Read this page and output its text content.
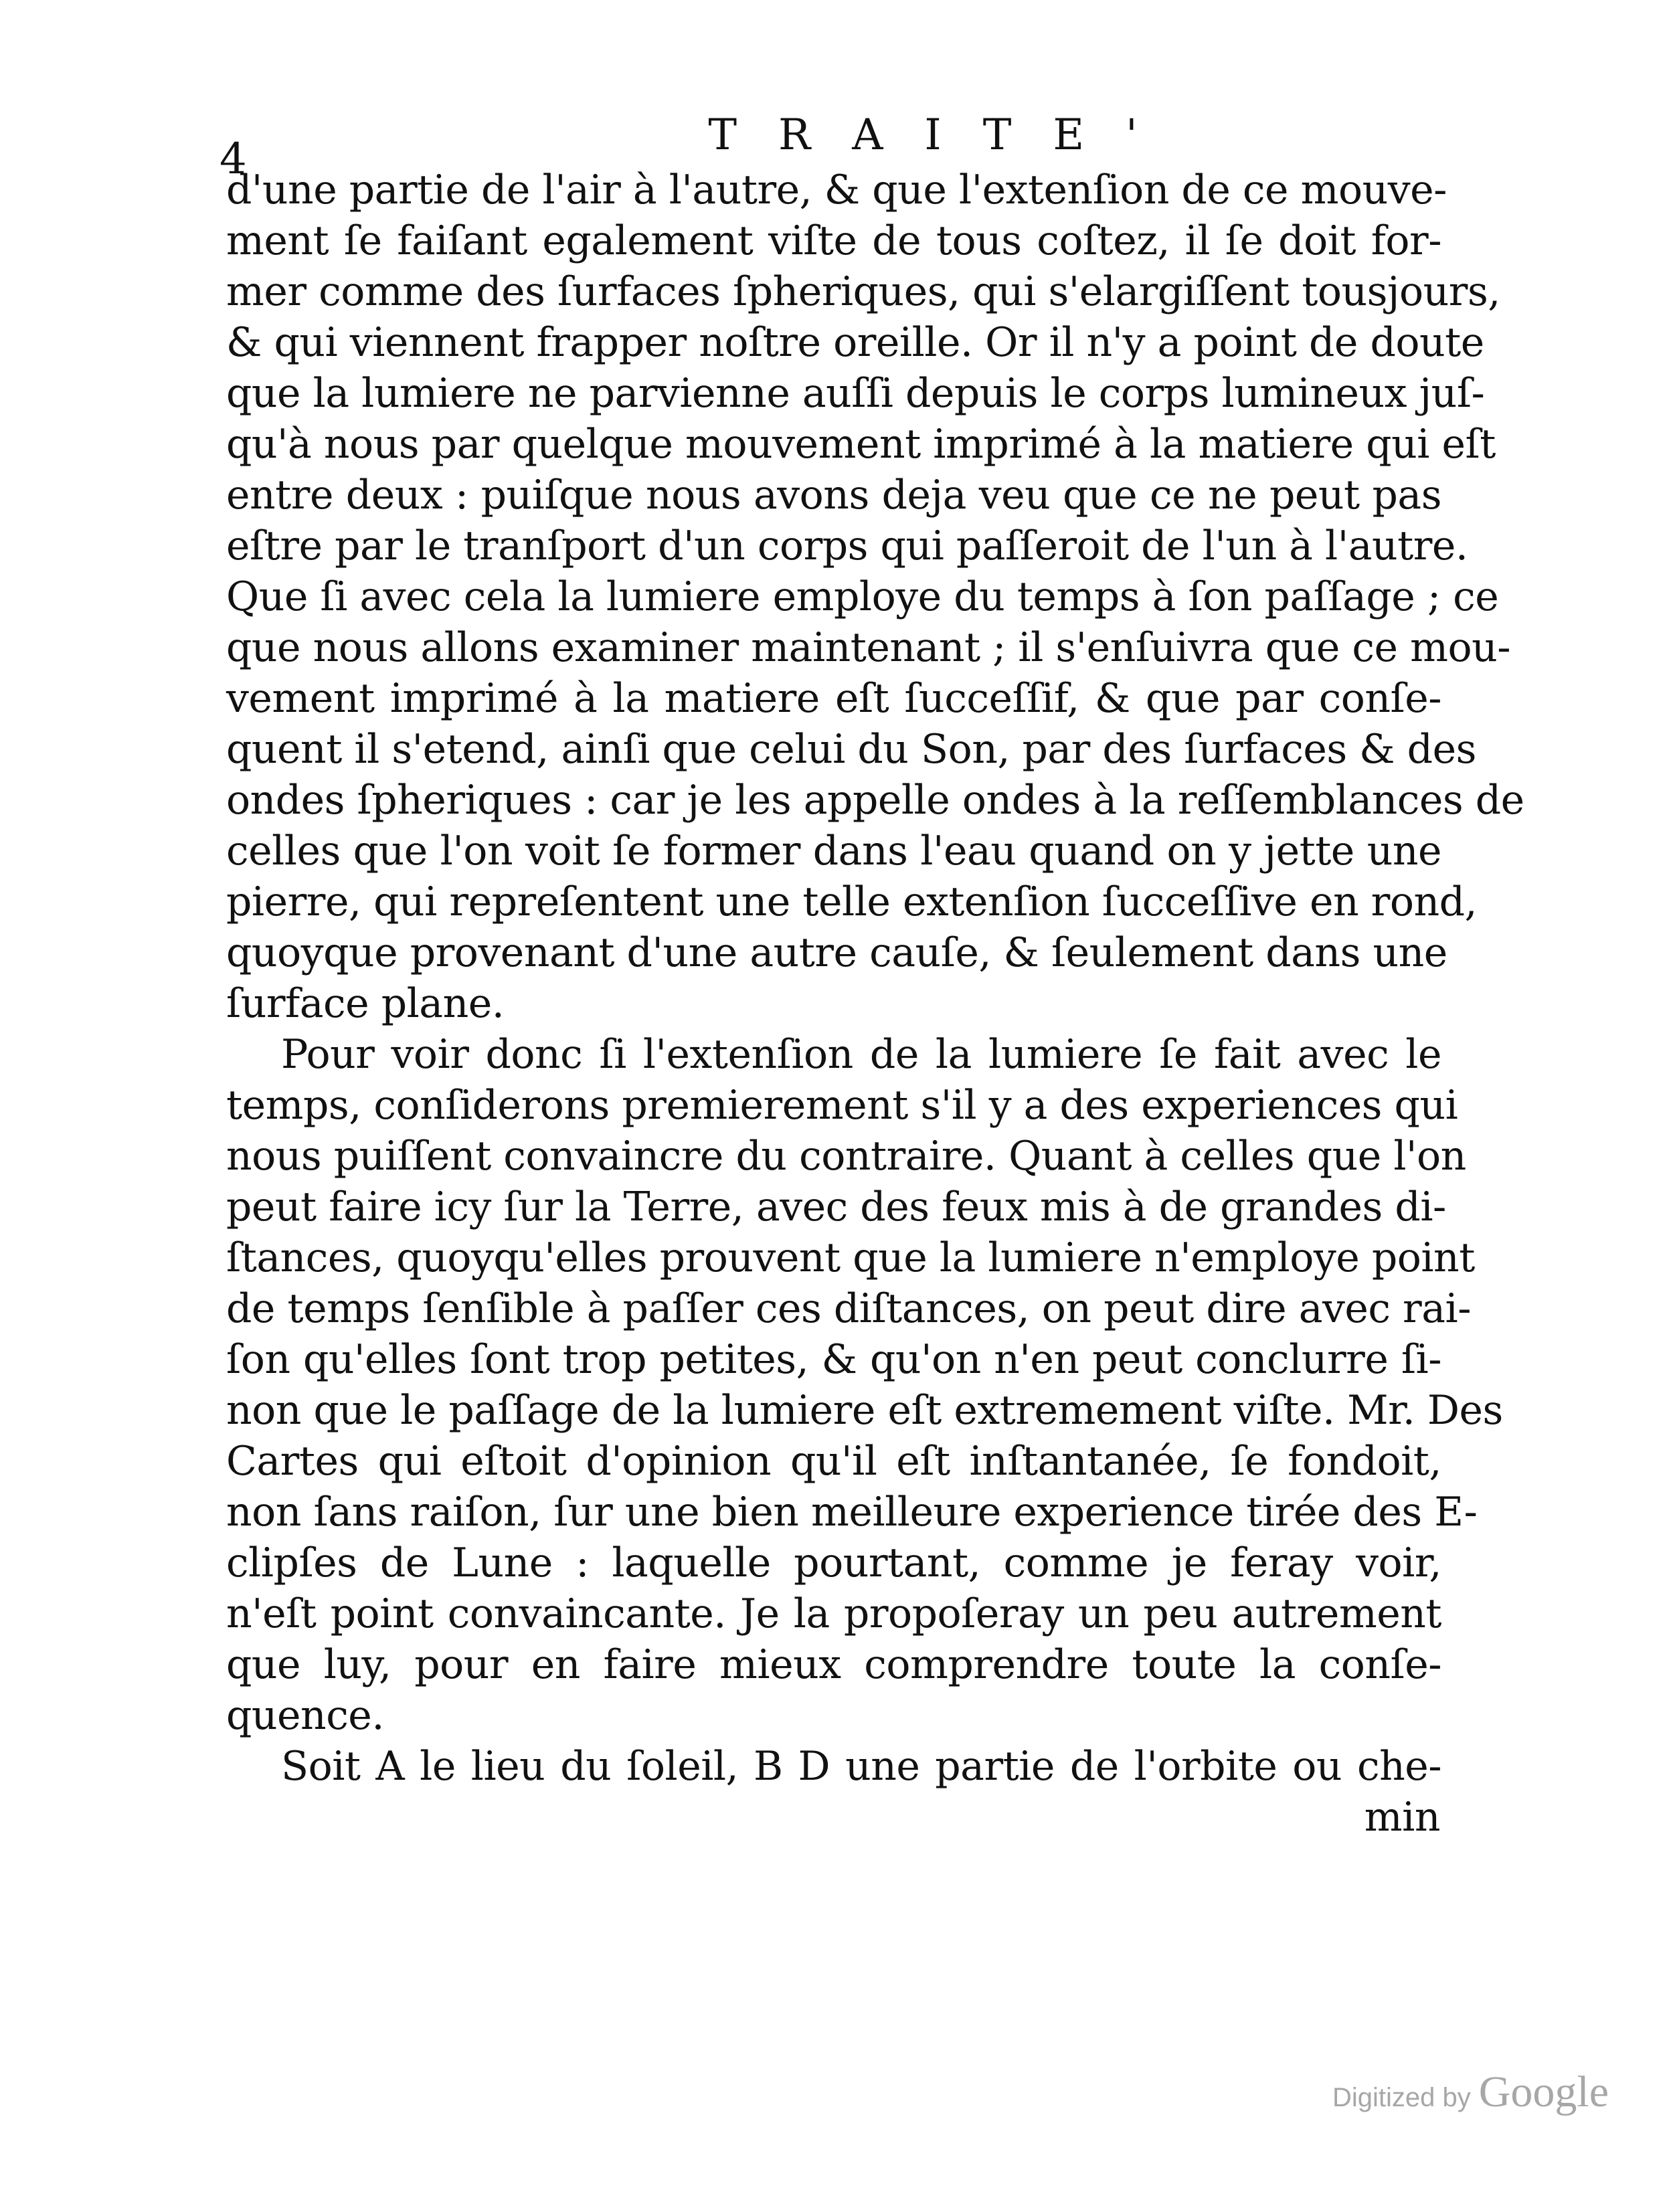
4	TRAITE'
d'une partie de l'air à l'autre, & que l'extenſion de ce mouve-
ment ſe faiſant egalement viſte de tous coſtez, il ſe doit for-
mer comme des ſurfaces ſpheriques, qui s'elargiſſent tousjours,
& qui viennent frapper noſtre oreille. Or il n'y a point de doute
que la lumiere ne parvienne auſſi depuis le corps lumineux juſ-
qu'à nous par quelque mouvement imprimé à la matiere qui eſt
entre deux : puiſque nous avons deja veu que ce ne peut pas
eſtre par le tranſport d'un corps qui paſſeroit de l'un à l'autre.
Que ſi avec cela la lumiere employe du temps à ſon paſſage ; ce
que nous allons examiner maintenant ; il s'enſuivra que ce mou-
vement imprimé à la matiere eſt ſucceſſif, & que par conſe-
quent il s'etend, ainſi que celui du Son, par des ſurfaces & des
ondes ſpheriques : car je les appelle ondes à la reſſemblances de
celles que l'on voit ſe former dans l'eau quand on y jette une
pierre, qui repreſentent une telle extenſion ſucceſſive en rond,
quoyque provenant d'une autre cauſe, & ſeulement dans une
ſurface plane.
Pour voir donc ſi l'extenſion de la lumiere ſe fait avec le
temps, conſiderons premierement s'il y a des experiences qui
nous puiſſent convaincre du contraire. Quant à celles que l'on
peut faire icy ſur la Terre, avec des feux mis à de grandes di-
ſtances, quoyqu'elles prouvent que la lumiere n'employe point
de temps ſenſible à paſſer ces diſtances, on peut dire avec rai-
ſon qu'elles ſont trop petites, & qu'on n'en peut conclurre ſi-
non que le paſſage de la lumiere eſt extremement viſte. Mr. Des
Cartes qui eſtoit d'opinion qu'il eſt inſtantanée, ſe fondoit,
non ſans raiſon, ſur une bien meilleure experience tirée des E-
clipſes de Lune : laquelle pourtant, comme je feray voir,
n'eſt point convaincante. Je la propoſeray un peu autrement
que luy, pour en faire mieux comprendre toute la conſe-
quence.
Soit A le lieu du ſoleil, B D une partie de l'orbite ou che-
min
Digitized by Google
